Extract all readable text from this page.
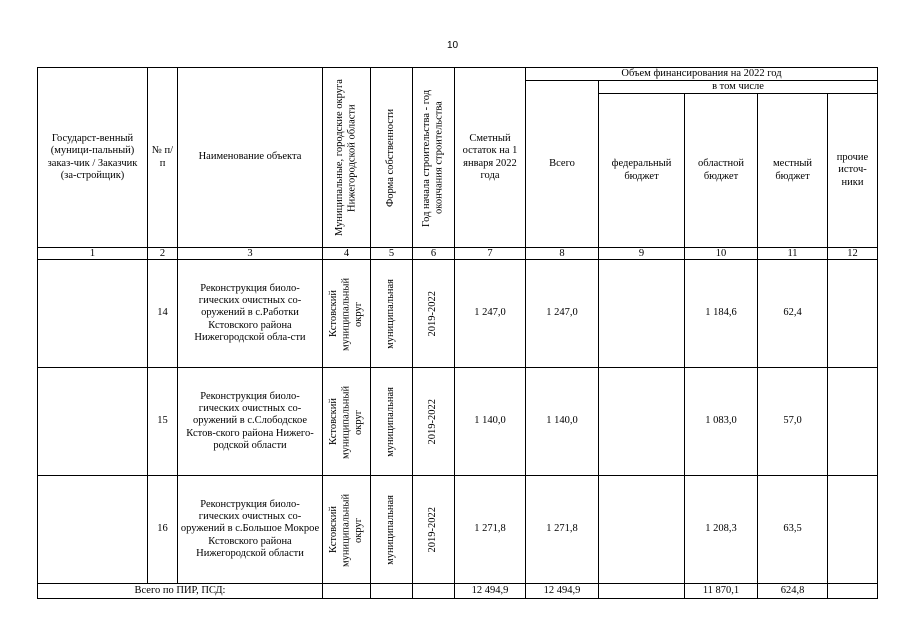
10
Государст-венный (муници-пальный) заказ-чик / Заказчик (за-стройщик)	№ п/п	Наименование объекта	Муниципальные, городские округа Нижегородской области	Форма собственности	Год начала строительства - год окончания строительства	Сметный остаток на 1 января 2022 года	Объем финансирования на 2022 год				
							Всего	в том числе			
								федеральный бюджет	областной бюджет	местный бюджет	прочие источ-ники
1	2	3	4	5	6	7	8	9	10	11	12
	14	Реконструкция биоло-гических очистных со-оружений в с.Работки Кстовского района Нижегородской обла-сти	Кстовский муниципальный округ	муниципальная	2019-2022	1 247,0	1 247,0		1 184,6	62,4	
	15	Реконструкция биоло-гических очистных со-оружений в с.Слободское Кстов-ского района Нижего-родской области	Кстовский муниципальный округ	муниципальная	2019-2022	1 140,0	1 140,0		1 083,0	57,0	
	16	Реконструкция биоло-гических очистных со-оружений в с.Большое Мокрое Кстовского района Нижегородской области	Кстовский муниципальный округ	муниципальная	2019-2022	1 271,8	1 271,8		1 208,3	63,5	
Всего по ПИР, ПСД:						12 494,9	12 494,9		11 870,1	624,8	
